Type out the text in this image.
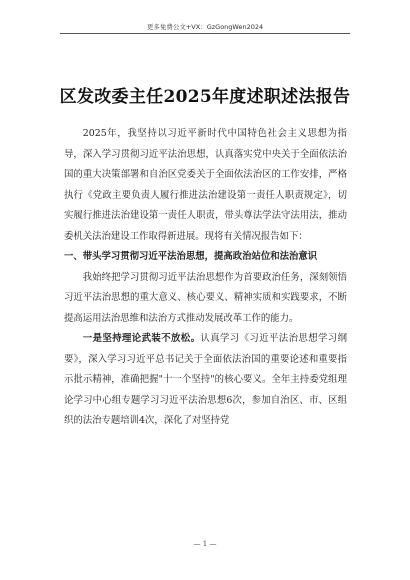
更多免费公文+VX：GzGongWen2024
区发改委主任2025年度述职述法报告

2025年，我坚持以习近平新时代中国特色社会主义思想为指导，深入学习贯彻习近平法治思想，认真落实党中央关于全面依法治国的重大决策部署和自治区党委关于全面依法治区的工作安排，严格执行《党政主要负责人履行推进法治建设第一责任人职责规定》，切实履行推进法治建设第一责任人职责，带头尊法学法守法用法，推动委机关法治建设工作取得新进展。现将有关情况报告如下：

一、带头学习贯彻习近平法治思想，提高政治站位和法治意识

我始终把学习贯彻习近平法治思想作为首要政治任务，深刻领悟习近平法治思想的重大意义、核心要义、精神实质和实践要求，不断提高运用法治思维和法治方式推动发展改革工作的能力。

一是坚持理论武装不放松。认真学习《习近平法治思想学习纲要》，深入学习习近平总书记关于全面依法治国的重要论述和重要指示批示精神，准确把握"十一个坚持"的核心要义。全年主持委党组理论学习中心组专题学习习近平法治思想6次，参加自治区、市、区组织的法治专题培训4次，深化了对坚持党

— 1 —
